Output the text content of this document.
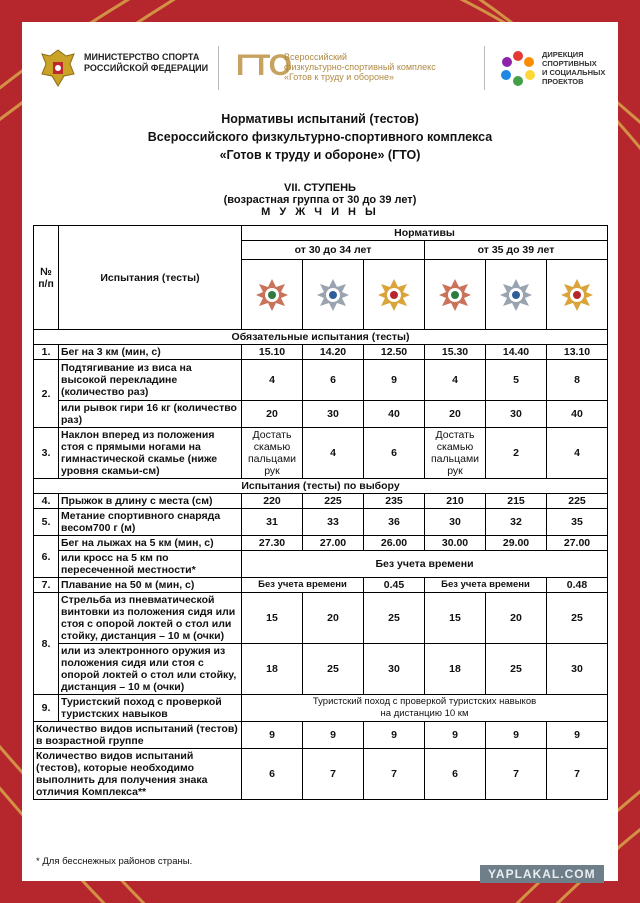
МИНИСТЕРСТВО СПОРТА
РОССИЙСКОЙ ФЕДЕРАЦИИ ГТО
Всероссийский
физкультурно-спортивный комплекс
«Готов к труду и обороне»
ДИРЕКЦИЯ
СПОРТИВНЫХ
И СОЦИАЛЬНЫХ
ПРОЕКТОВ
Нормативы испытаний (тестов)
Всероссийского физкультурно-спортивного комплекса
«Готов к труду и обороне» (ГТО)
VII. СТУПЕНЬ
(возрастная группа от 30 до 39 лет)
М У Ж Ч И Н Ы
№ п/п	Испытания (тесты)	Нормативы					
		от 30 до 34 лет			от 35 до 39 лет		

Обязательные испытания (тесты)							
1.	Бег на 3 км (мин, с)	15.10	14.20	12.50	15.30	14.40	13.10
2.	Подтягивание из виса на высокой перекладине (количество раз)	4	6	9	4	5	8
	или рывок гири 16 кг (количество раз)	20	30	40	20	30	40
3.	Наклон вперед из положения стоя с прямыми ногами на гимнастической скамье (ниже уровня скамьи-см)	Достать скамью пальцами рук	4	6	Достать скамью пальцами рук	2	4
Испытания (тесты) по выбору							
4.	Прыжок в длину с места (см)	220	225	235	210	215	225
5.	Метание спортивного снаряда весом700 г (м)	31	33	36	30	32	35
6.	Бег на лыжах на 5 км (мин, с)	27.30	27.00	26.00	30.00	29.00	27.00
	или кросс на 5 км по пересеченной местности*	Без учета времени					
7.	Плавание на 50 м (мин, с)	Без учета времени		0.45	Без учета времени		0.48
8.	Стрельба из пневматической винтовки из положения сидя или стоя с опорой локтей о стол или стойку, дистанция – 10 м (очки)	15	20	25	15	20	25
	или из электронного оружия из положения сидя или стоя с опорой локтей о стол или стойку, дистанция – 10 м (очки)	18	25	30	18	25	30
9.	Туристский поход с проверкой туристских навыков	Туристский поход с проверкой туристских навыков
на дистанцию 10 км					

Количество видов испытаний (тестов) в возрастной группе		9	9	9	9	9	9
Количество видов испытаний (тестов), которые необходимо выполнить для получения знака отличия Комплекса**		6	7	7	6	7	7
* Для бесснежных районов страны.
YAPLAKAL.COM
